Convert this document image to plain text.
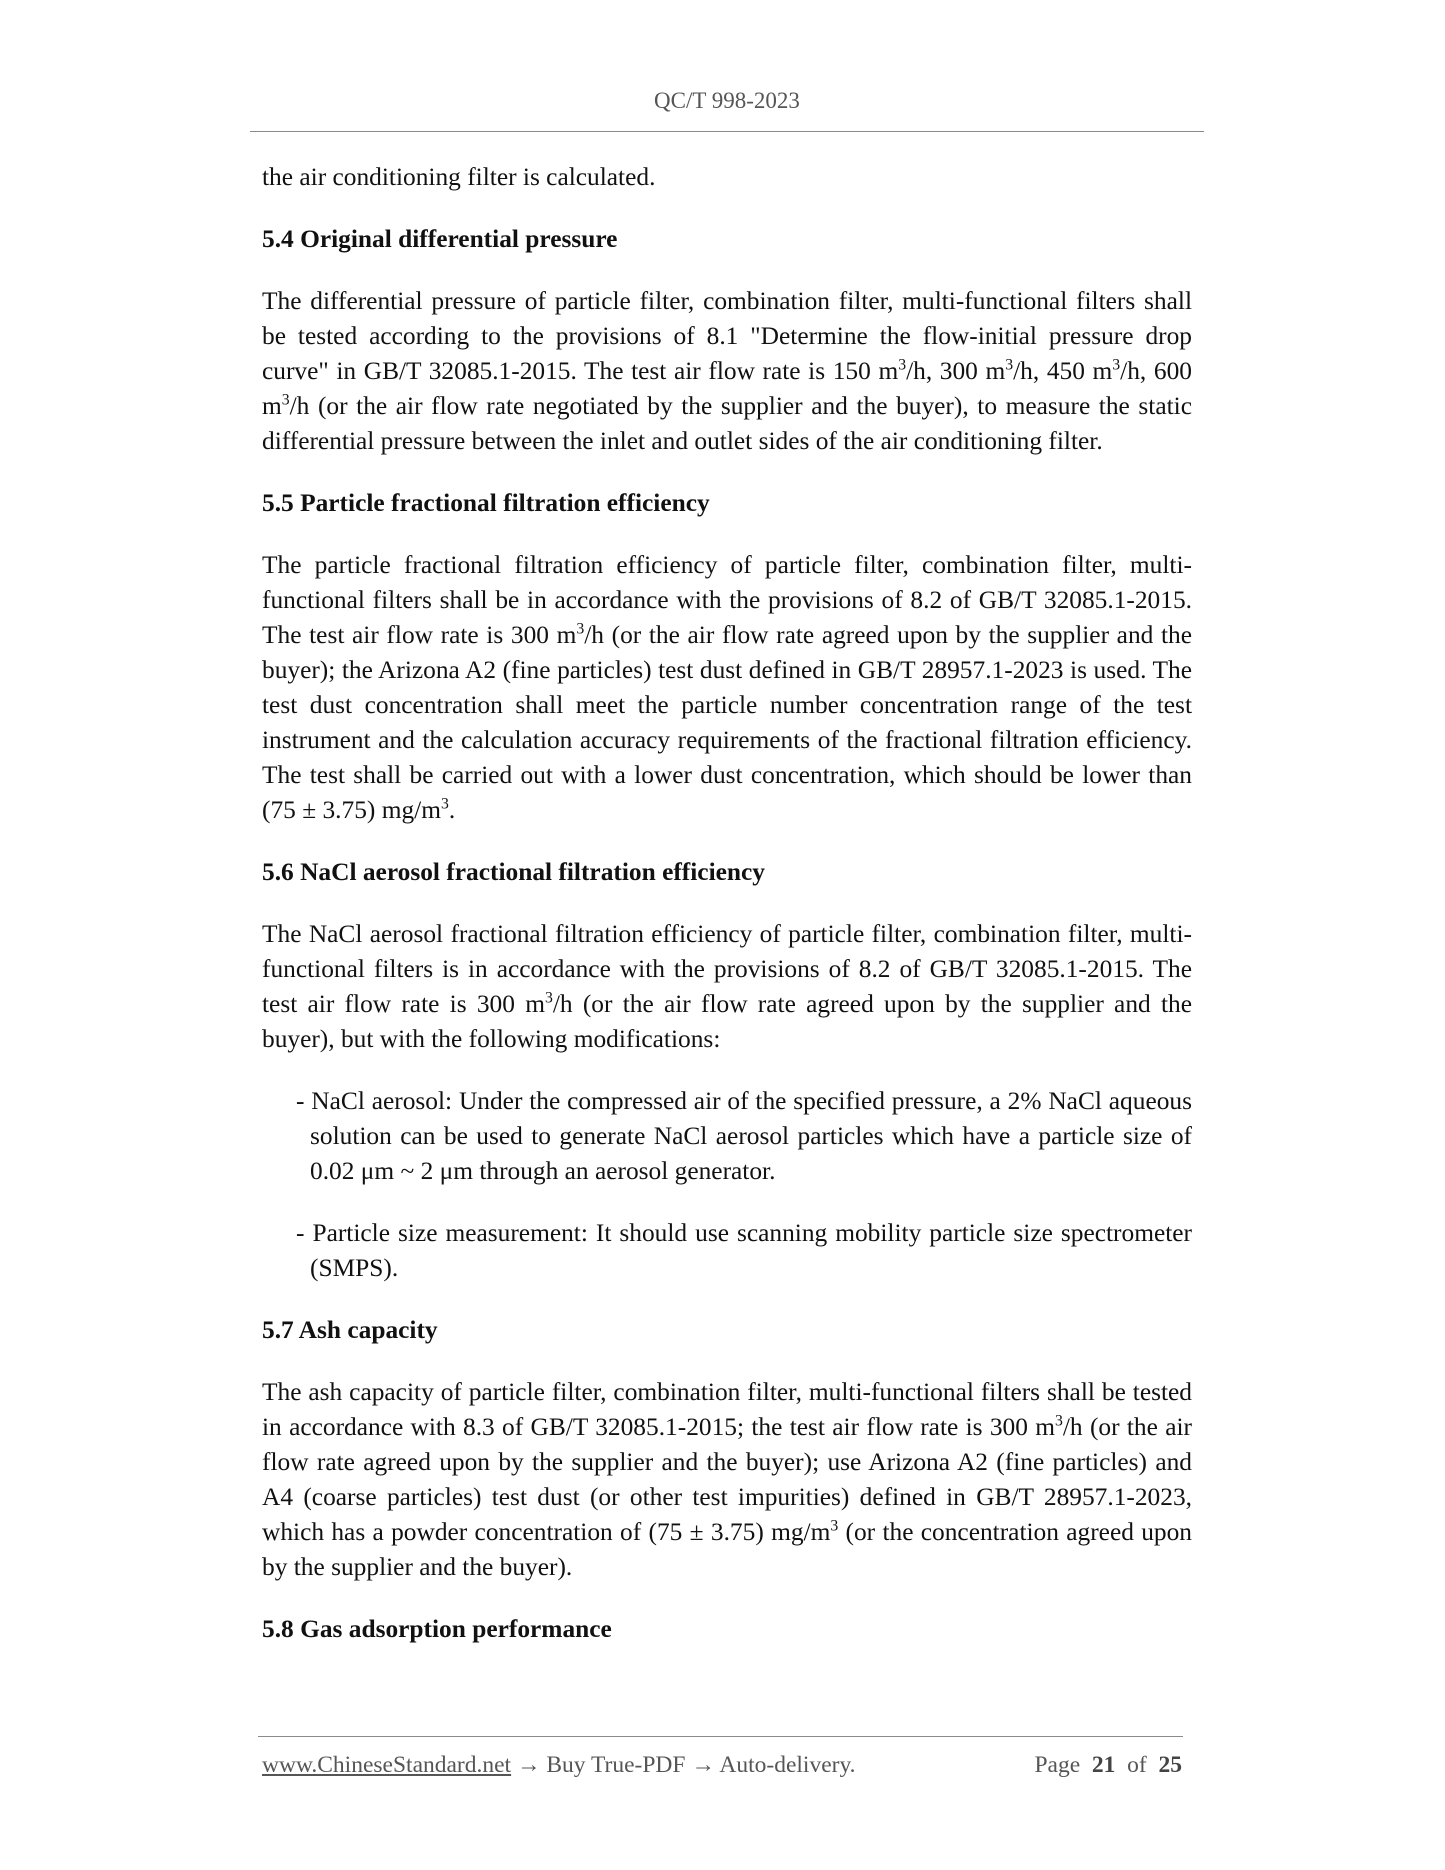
QC/T 998-2023

the air conditioning filter is calculated.

5.4 Original differential pressure

The differential pressure of particle filter, combination filter, multi-functional filters shall be tested according to the provisions of 8.1 "Determine the flow-initial pressure drop curve" in GB/T 32085.1-2015. The test air flow rate is 150 $m^3/h$, 300 $m^3/h$, 450 $m^3/h$, 600 $m^3/h$ (or the air flow rate negotiated by the supplier and the buyer), to measure the static differential pressure between the inlet and outlet sides of the air conditioning filter.

5.5 Particle fractional filtration efficiency

The particle fractional filtration efficiency of particle filter, combination filter, multi-functional filters shall be in accordance with the provisions of 8.2 of GB/T 32085.1-2015. The test air flow rate is 300 $m^3/h$ (or the air flow rate agreed upon by the supplier and the buyer); the Arizona A2 (fine particles) test dust defined in GB/T 28957.1-2023 is used. The test dust concentration shall meet the particle number concentration range of the test instrument and the calculation accuracy requirements of the fractional filtration efficiency. The test shall be carried out with a lower dust concentration, which should be lower than (75 ± 3.75) $mg/m^3$.

5.6 NaCl aerosol fractional filtration efficiency

The NaCl aerosol fractional filtration efficiency of particle filter, combination filter, multi-functional filters is in accordance with the provisions of 8.2 of GB/T 32085.1-2015. The test air flow rate is 300 $m^3/h$ (or the air flow rate agreed upon by the supplier and the buyer), but with the following modifications:

- NaCl aerosol: Under the compressed air of the specified pressure, a 2% NaCl aqueous solution can be used to generate NaCl aerosol particles which have a particle size of 0.02 μm ~ 2 μm through an aerosol generator.

- Particle size measurement: It should use scanning mobility particle size spectrometer (SMPS).

5.7 Ash capacity

The ash capacity of particle filter, combination filter, multi-functional filters shall be tested in accordance with 8.3 of GB/T 32085.1-2015; the test air flow rate is 300 $m^3/h$ (or the air flow rate agreed upon by the supplier and the buyer); use Arizona A2 (fine particles) and A4 (coarse particles) test dust (or other test impurities) defined in GB/T 28957.1-2023, which has a powder concentration of (75 ± 3.75) $mg/m^3$ (or the concentration agreed upon by the supplier and the buyer).

5.8 Gas adsorption performance
www.ChineseStandard.net → Buy True-PDF → Auto-delivery.	Page 21 of 25
